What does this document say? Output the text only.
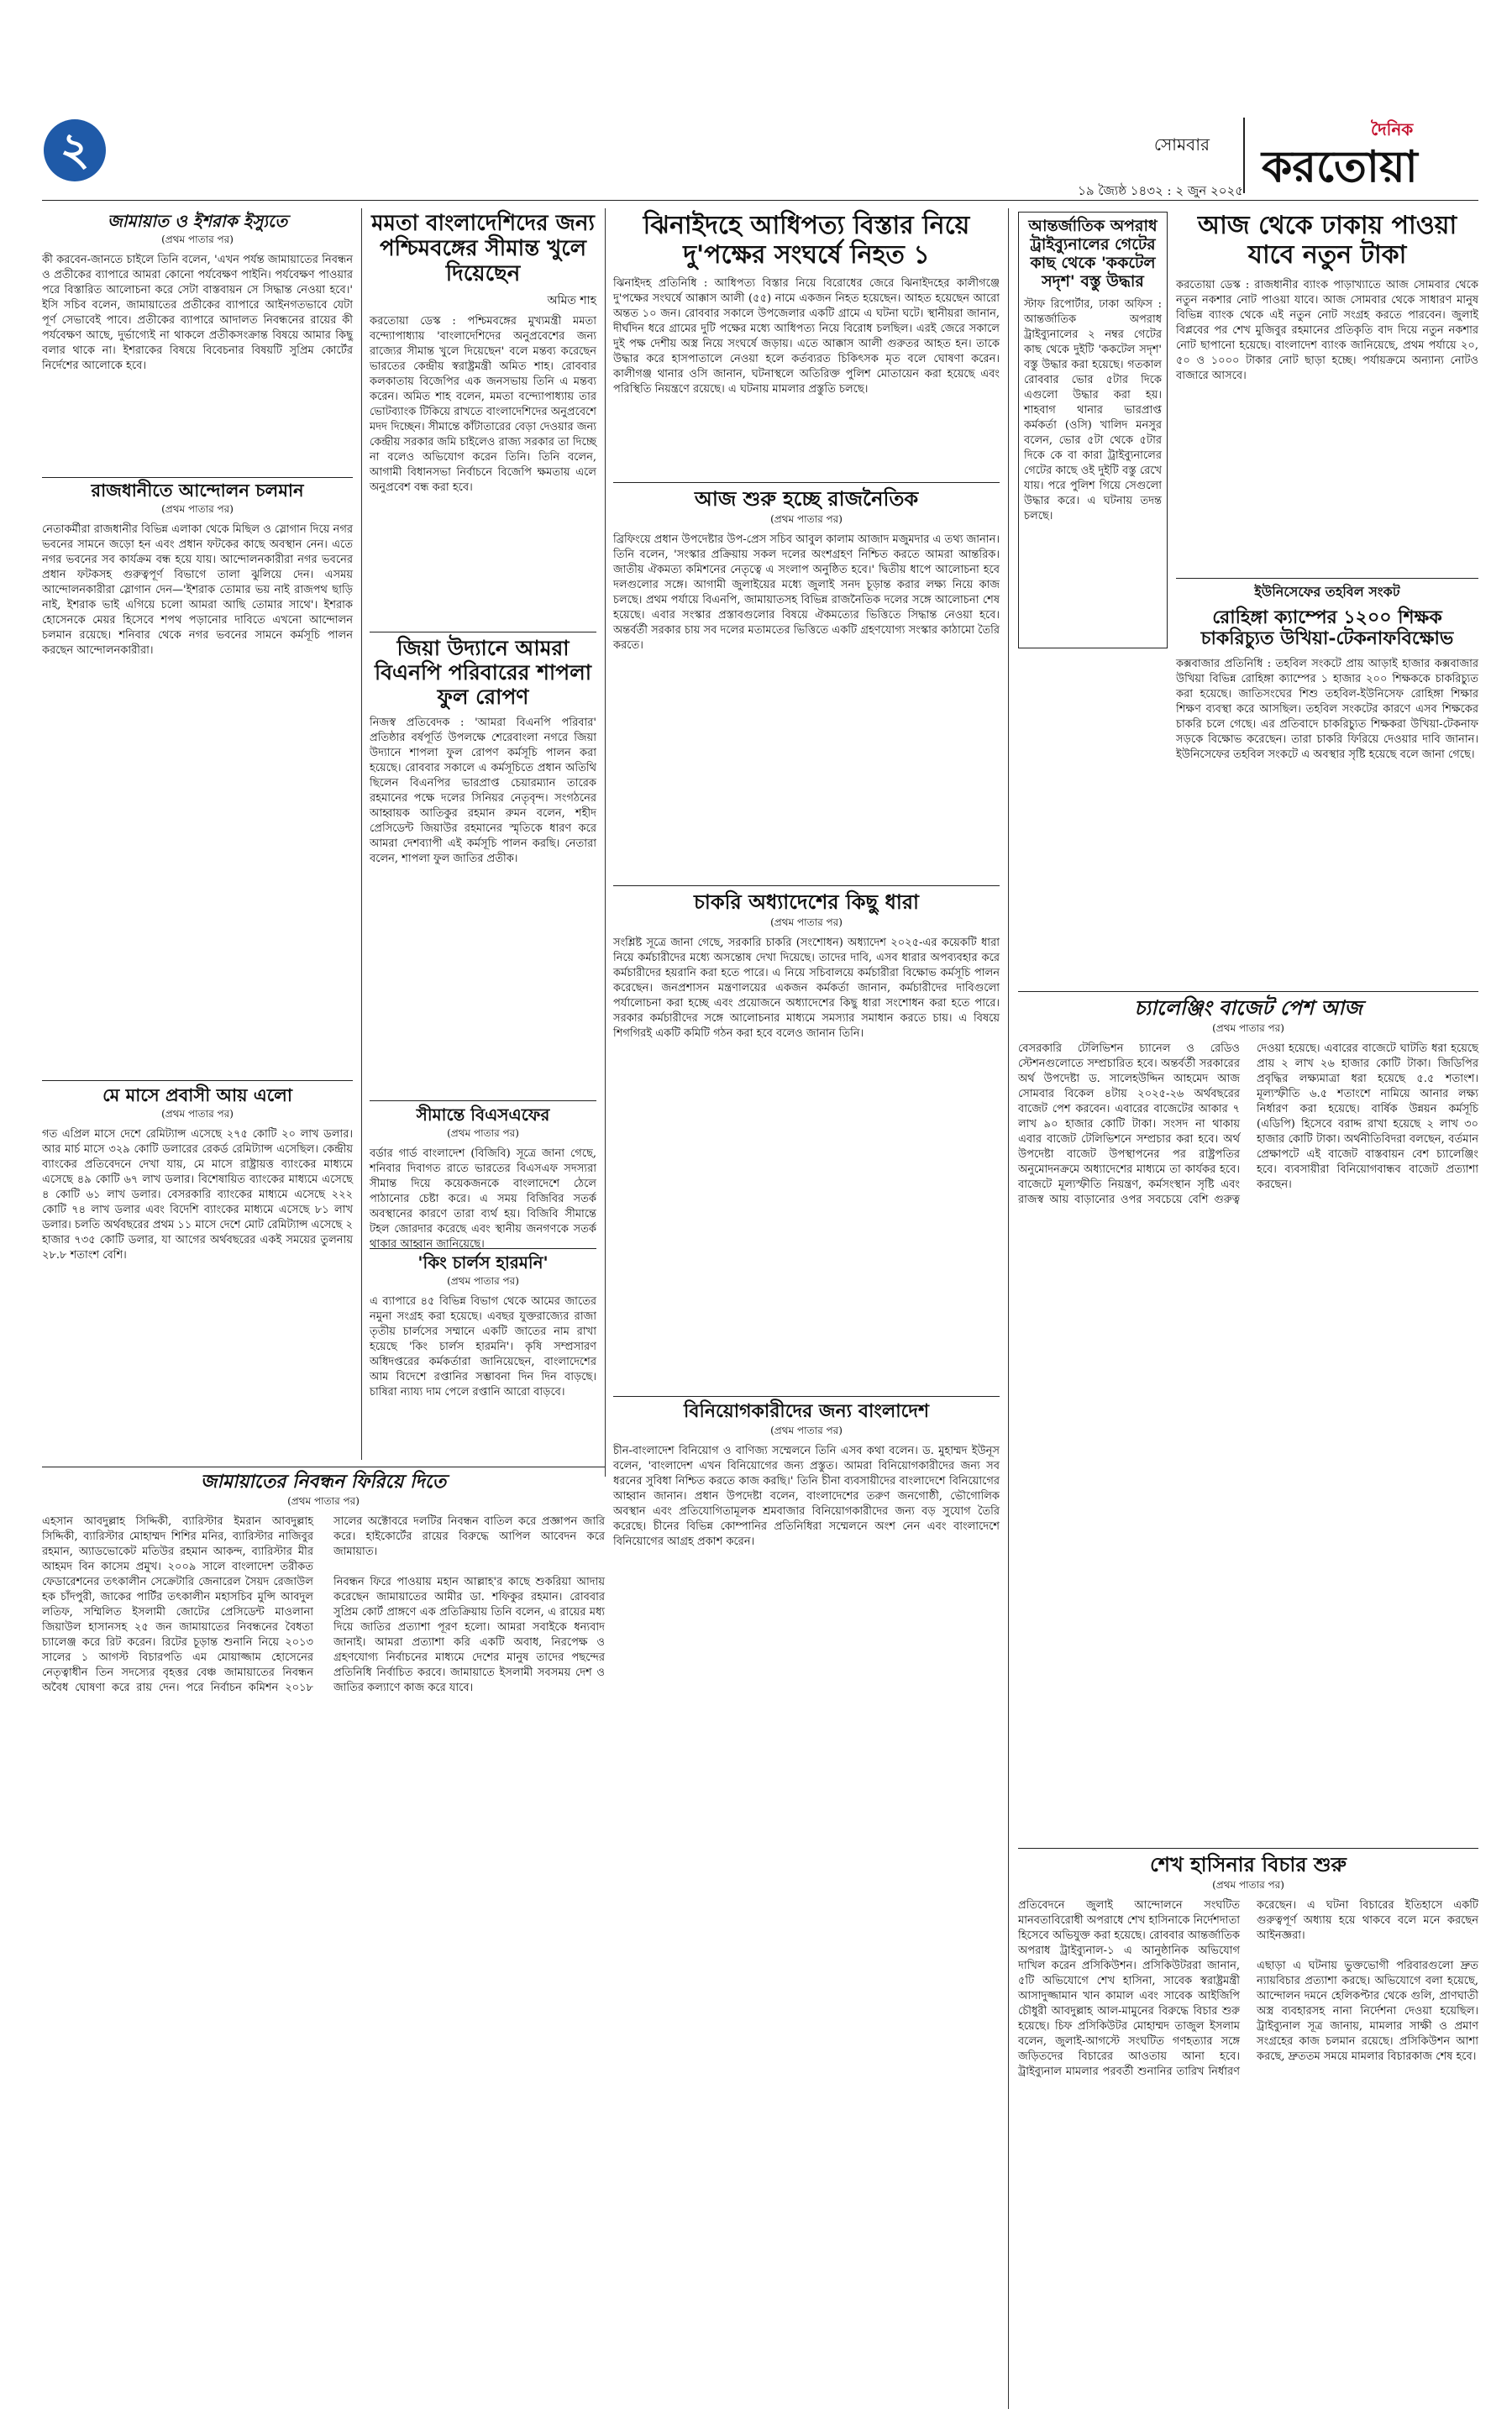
২	সোমবার
১৯ জ্যৈষ্ঠ ১৪৩২ : ২ জুন ২০২৫
দৈনিক
করতোয়া
জামায়াত ও ইশরাক ইস্যুতে
(প্রথম পাতার পর)

কী করবেন-জানতে চাইলে তিনি বলেন, 'এখন পর্যন্ত জামায়াতের নিবন্ধন ও প্রতীকের ব্যাপারে আমরা কোনো পর্যবেক্ষণ পাইনি। পর্যবেক্ষণ পাওয়ার পরে বিস্তারিত আলোচনা করে সেটা বাস্তবায়ন সে সিদ্ধান্ত নেওয়া হবে।' ইসি সচিব বলেন, জামায়াতের প্রতীকের ব্যাপারে আইনগতভাবে যেটা পূর্ণ সেভাবেই পাবে। প্রতীকের ব্যাপারে আদালত নিবন্ধনের রায়ের কী পর্যবেক্ষণ আছে, দুর্ভাগ্যেই না থাকলে প্রতীকসংক্রান্ত বিষয়ে আমার কিছু বলার থাকে না। ইশরাকের বিষয়ে বিবেচনার বিষয়টি সুপ্রিম কোর্টের নির্দেশের আলোকে হবে।

রাজধানীতে আন্দোলন চলমান
(প্রথম পাতার পর)

নেতাকর্মীরা রাজধানীর বিভিন্ন এলাকা থেকে মিছিল ও স্লোগান দিয়ে নগর ভবনের সামনে জড়ো হন এবং প্রধান ফটকের কাছে অবস্থান নেন। এতে নগর ভবনের সব কার্যক্রম বন্ধ হয়ে যায়। আন্দোলনকারীরা নগর ভবনের প্রধান ফটকসহ গুরুত্বপূর্ণ বিভাগে তালা ঝুলিয়ে দেন। এসময় আন্দোলনকারীরা স্লোগান দেন—'ইশরাক তোমার ভয় নাই রাজপথ ছাড়ি নাই, ইশরাক ভাই এগিয়ে চলো আমরা আছি তোমার সাথে'। ইশরাক হোসেনকে মেয়র হিসেবে শপথ পড়ানোর দাবিতে এখনো আন্দোলন চলমান রয়েছে। শনিবার থেকে নগর ভবনের সামনে কর্মসূচি পালন করছেন আন্দোলনকারীরা।

মে মাসে প্রবাসী আয় এলো
(প্রথম পাতার পর)

গত এপ্রিল মাসে দেশে রেমিট্যান্স এসেছে ২৭৫ কোটি ২০ লাখ ডলার। আর মার্চ মাসে ৩২৯ কোটি ডলারের রেকর্ড রেমিট্যান্স এসেছিল। কেন্দ্রীয় ব্যাংকের প্রতিবেদনে দেখা যায়, মে মাসে রাষ্ট্রায়ত্ত ব্যাংকের মাধ্যমে এসেছে ৪৯ কোটি ৬৭ লাখ ডলার। বিশেষায়িত ব্যাংকের মাধ্যমে এসেছে ৪ কোটি ৬১ লাখ ডলার। বেসরকারি ব্যাংকের মাধ্যমে এসেছে ২২২ কোটি ৭৪ লাখ ডলার এবং বিদেশি ব্যাংকের মাধ্যমে এসেছে ৮১ লাখ ডলার। চলতি অর্থবছরের প্রথম ১১ মাসে দেশে মোট রেমিট্যান্স এসেছে ২ হাজার ৭৩৫ কোটি ডলার, যা আগের অর্থবছরের একই সময়ের তুলনায় ২৮.৮ শতাংশ বেশি।

মমতা বাংলাদেশিদের জন্য পশ্চিমবঙ্গের সীমান্ত খুলে দিয়েছেন
অমিত শাহ

করতোয়া ডেস্ক : পশ্চিমবঙ্গের মুখ্যমন্ত্রী মমতা বন্দ্যোপাধ্যায় 'বাংলাদেশিদের অনুপ্রবেশের জন্য রাজ্যের সীমান্ত খুলে দিয়েছেন' বলে মন্তব্য করেছেন ভারতের কেন্দ্রীয় স্বরাষ্ট্রমন্ত্রী অমিত শাহ। রোববার কলকাতায় বিজেপির এক জনসভায় তিনি এ মন্তব্য করেন। অমিত শাহ বলেন, মমতা বন্দ্যোপাধ্যায় তার ভোটব্যাংক টিকিয়ে রাখতে বাংলাদেশিদের অনুপ্রবেশে মদদ দিচ্ছেন। সীমান্তে কাঁটাতারের বেড়া দেওয়ার জন্য কেন্দ্রীয় সরকার জমি চাইলেও রাজ্য সরকার তা দিচ্ছে না বলেও অভিযোগ করেন তিনি। তিনি বলেন, আগামী বিধানসভা নির্বাচনে বিজেপি ক্ষমতায় এলে অনুপ্রবেশ বন্ধ করা হবে।

জিয়া উদ্যানে আমরা বিএনপি পরিবারের শাপলা ফুল রোপণ

নিজস্ব প্রতিবেদক : 'আমরা বিএনপি পরিবার' প্রতিষ্ঠার বর্ষপূর্তি উপলক্ষে শেরেবাংলা নগরে জিয়া উদ্যানে শাপলা ফুল রোপণ কর্মসূচি পালন করা হয়েছে। রোববার সকালে এ কর্মসূচিতে প্রধান অতিথি ছিলেন বিএনপির ভারপ্রাপ্ত চেয়ারম্যান তারেক রহমানের পক্ষে দলের সিনিয়র নেতৃবৃন্দ। সংগঠনের আহ্বায়ক আতিকুর রহমান রুমন বলেন, শহীদ প্রেসিডেন্ট জিয়াউর রহমানের স্মৃতিকে ধারণ করে আমরা দেশব্যাপী এই কর্মসূচি পালন করছি। নেতারা বলেন, শাপলা ফুল জাতির প্রতীক।

সীমান্তে বিএসএফের
(প্রথম পাতার পর)

বর্ডার গার্ড বাংলাদেশ (বিজিবি) সূত্রে জানা গেছে, শনিবার দিবাগত রাতে ভারতের বিএসএফ সদস্যরা সীমান্ত দিয়ে কয়েকজনকে বাংলাদেশে ঠেলে পাঠানোর চেষ্টা করে। এ সময় বিজিবির সতর্ক অবস্থানের কারণে তারা ব্যর্থ হয়। বিজিবি সীমান্তে টহল জোরদার করেছে এবং স্থানীয় জনগণকে সতর্ক থাকার আহ্বান জানিয়েছে।

'কিং চার্লস হারমনি'
(প্রথম পাতার পর)

এ ব্যাপারে ৪৫ বিভিন্ন বিভাগ থেকে আমের জাতের নমুনা সংগ্রহ করা হয়েছে। এবছর যুক্তরাজ্যের রাজা তৃতীয় চার্লসের সম্মানে একটি জাতের নাম রাখা হয়েছে 'কিং চার্লস হারমনি'। কৃষি সম্প্রসারণ অধিদপ্তরের কর্মকর্তারা জানিয়েছেন, বাংলাদেশের আম বিদেশে রপ্তানির সম্ভাবনা দিন দিন বাড়ছে। চাষিরা ন্যায্য দাম পেলে রপ্তানি আরো বাড়বে।

ঝিনাইদহে আধিপত্য বিস্তার নিয়ে দু'পক্ষের সংঘর্ষে নিহত ১

ঝিনাইদহ প্রতিনিধি : আধিপত্য বিস্তার নিয়ে বিরোধের জেরে ঝিনাইদহের কালীগঞ্জে দু'পক্ষের সংঘর্ষে আক্কাস আলী (৫৫) নামে একজন নিহত হয়েছেন। আহত হয়েছেন আরো অন্তত ১০ জন। রোববার সকালে উপজেলার একটি গ্রামে এ ঘটনা ঘটে। স্থানীয়রা জানান, দীর্ঘদিন ধরে গ্রামের দুটি পক্ষের মধ্যে আধিপত্য নিয়ে বিরোধ চলছিল। এরই জেরে সকালে দুই পক্ষ দেশীয় অস্ত্র নিয়ে সংঘর্ষে জড়ায়। এতে আক্কাস আলী গুরুতর আহত হন। তাকে উদ্ধার করে হাসপাতালে নেওয়া হলে কর্তব্যরত চিকিৎসক মৃত বলে ঘোষণা করেন। কালীগঞ্জ থানার ওসি জানান, ঘটনাস্থলে অতিরিক্ত পুলিশ মোতায়েন করা হয়েছে এবং পরিস্থিতি নিয়ন্ত্রণে রয়েছে। এ ঘটনায় মামলার প্রস্তুতি চলছে।

আজ শুরু হচ্ছে রাজনৈতিক
(প্রথম পাতার পর)

ব্রিফিংয়ে প্রধান উপদেষ্টার উপ-প্রেস সচিব আবুল কালাম আজাদ মজুমদার এ তথ্য জানান। তিনি বলেন, 'সংস্কার প্রক্রিয়ায় সকল দলের অংশগ্রহণ নিশ্চিত করতে আমরা আন্তরিক। জাতীয় ঐকমত্য কমিশনের নেতৃত্বে এ সংলাপ অনুষ্ঠিত হবে।' দ্বিতীয় ধাপে আলোচনা হবে দলগুলোর সঙ্গে। আগামী জুলাইয়ের মধ্যে জুলাই সনদ চূড়ান্ত করার লক্ষ্য নিয়ে কাজ চলছে। প্রথম পর্যায়ে বিএনপি, জামায়াতসহ বিভিন্ন রাজনৈতিক দলের সঙ্গে আলোচনা শেষ হয়েছে। এবার সংস্কার প্রস্তাবগুলোর বিষয়ে ঐকমত্যের ভিত্তিতে সিদ্ধান্ত নেওয়া হবে। অন্তর্বর্তী সরকার চায় সব দলের মতামতের ভিত্তিতে একটি গ্রহণযোগ্য সংস্কার কাঠামো তৈরি করতে।

চাকরি অধ্যাদেশের কিছু ধারা
(প্রথম পাতার পর)

সংশ্লিষ্ট সূত্রে জানা গেছে, সরকারি চাকরি (সংশোধন) অধ্যাদেশ ২০২৫-এর কয়েকটি ধারা নিয়ে কর্মচারীদের মধ্যে অসন্তোষ দেখা দিয়েছে। তাদের দাবি, এসব ধারার অপব্যবহার করে কর্মচারীদের হয়রানি করা হতে পারে। এ নিয়ে সচিবালয়ে কর্মচারীরা বিক্ষোভ কর্মসূচি পালন করেছেন। জনপ্রশাসন মন্ত্রণালয়ের একজন কর্মকর্তা জানান, কর্মচারীদের দাবিগুলো পর্যালোচনা করা হচ্ছে এবং প্রয়োজনে অধ্যাদেশের কিছু ধারা সংশোধন করা হতে পারে। সরকার কর্মচারীদের সঙ্গে আলোচনার মাধ্যমে সমস্যার সমাধান করতে চায়। এ বিষয়ে শিগগিরই একটি কমিটি গঠন করা হবে বলেও জানান তিনি।

বিনিয়োগকারীদের জন্য বাংলাদেশ
(প্রথম পাতার পর)

চীন-বাংলাদেশ বিনিয়োগ ও বাণিজ্য সম্মেলনে তিনি এসব কথা বলেন। ড. মুহাম্মদ ইউনূস বলেন, 'বাংলাদেশ এখন বিনিয়োগের জন্য প্রস্তুত। আমরা বিনিয়োগকারীদের জন্য সব ধরনের সুবিধা নিশ্চিত করতে কাজ করছি।' তিনি চীনা ব্যবসায়ীদের বাংলাদেশে বিনিয়োগের আহ্বান জানান। প্রধান উপদেষ্টা বলেন, বাংলাদেশের তরুণ জনগোষ্ঠী, ভৌগোলিক অবস্থান এবং প্রতিযোগিতামূলক শ্রমবাজার বিনিয়োগকারীদের জন্য বড় সুযোগ তৈরি করেছে। চীনের বিভিন্ন কোম্পানির প্রতিনিধিরা সম্মেলনে অংশ নেন এবং বাংলাদেশে বিনিয়োগের আগ্রহ প্রকাশ করেন।

জামায়াতের নিবন্ধন ফিরিয়ে দিতে
(প্রথম পাতার পর)

এহসান আবদুল্লাহ সিদ্দিকী, ব্যারিস্টার ইমরান আবদুল্লাহ সিদ্দিকী, ব্যারিস্টার মোহাম্মদ শিশির মনির, ব্যারিস্টার নাজিবুর রহমান, অ্যাডভোকেট মতিউর রহমান আকন্দ, ব্যারিস্টার মীর আহমদ বিন কাসেম প্রমুখ। ২০০৯ সালে বাংলাদেশ তরীকত ফেডারেশনের তৎকালীন সেক্রেটারি জেনারেল সৈয়দ রেজাউল হক চাঁদপুরী, জাকের পার্টির তৎকালীন মহাসচিব মুন্সি আবদুল লতিফ, সম্মিলিত ইসলামী জোটের প্রেসিডেন্ট মাওলানা জিয়াউল হাসানসহ ২৫ জন জামায়াতের নিবন্ধনের বৈধতা চ্যালেঞ্জ করে রিট করেন। রিটের চূড়ান্ত শুনানি নিয়ে ২০১৩ সালের ১ আগস্ট বিচারপতি এম মোয়াজ্জাম হোসেনের নেতৃত্বাধীন তিন সদস্যের বৃহত্তর বেঞ্চ জামায়াতের নিবন্ধন অবৈধ ঘোষণা করে রায় দেন। পরে নির্বাচন কমিশন ২০১৮ সালের অক্টোবরে দলটির নিবন্ধন বাতিল করে প্রজ্ঞাপন জারি করে। হাইকোর্টের রায়ের বিরুদ্ধে আপিল আবেদন করে জামায়াত।

নিবন্ধন ফিরে পাওয়ায় মহান আল্লাহ'র কাছে শুকরিয়া আদায় করেছেন জামায়াতের আমীর ডা. শফিকুর রহমান। রোববার সুপ্রিম কোর্ট প্রাঙ্গণে এক প্রতিক্রিয়ায় তিনি বলেন, এ রায়ের মধ্য দিয়ে জাতির প্রত্যাশা পূরণ হলো। আমরা সবাইকে ধন্যবাদ জানাই। আমরা প্রত্যাশা করি একটি অবাধ, নিরপেক্ষ ও গ্রহণযোগ্য নির্বাচনের মাধ্যমে দেশের মানুষ তাদের পছন্দের প্রতিনিধি নির্বাচিত করবে। জামায়াতে ইসলামী সবসময় দেশ ও জাতির কল্যাণে কাজ করে যাবে।

আন্তর্জাতিক অপরাধ ট্রাইব্যুনালের গেটের কাছ থেকে 'ককটেল সদৃশ' বস্তু উদ্ধার

স্টাফ রিপোর্টার, ঢাকা অফিস : আন্তর্জাতিক অপরাধ ট্রাইব্যুনালের ২ নম্বর গেটের কাছ থেকে দুইটি 'ককটেল সদৃশ' বস্তু উদ্ধার করা হয়েছে। গতকাল রোববার ভোর ৫টার দিকে এগুলো উদ্ধার করা হয়। শাহবাগ থানার ভারপ্রাপ্ত কর্মকর্তা (ওসি) খালিদ মনসুর বলেন, ভোর ৫টা থেকে ৫টার দিকে কে বা কারা ট্রাইব্যুনালের গেটের কাছে ওই দুইটি বস্তু রেখে যায়। পরে পুলিশ গিয়ে সেগুলো উদ্ধার করে। এ ঘটনায় তদন্ত চলছে।

আজ থেকে ঢাকায় পাওয়া যাবে নতুন টাকা

করতোয়া ডেস্ক : রাজধানীর ব্যাংক পাড়াখ্যাতে আজ সোমবার থেকে নতুন নকশার নোট পাওয়া যাবে। আজ সোমবার থেকে সাধারণ মানুষ বিভিন্ন ব্যাংক থেকে এই নতুন নোট সংগ্রহ করতে পারবেন। জুলাই বিপ্লবের পর শেখ মুজিবুর রহমানের প্রতিকৃতি বাদ দিয়ে নতুন নকশার নোট ছাপানো হয়েছে। বাংলাদেশ ব্যাংক জানিয়েছে, প্রথম পর্যায়ে ২০, ৫০ ও ১০০০ টাকার নোট ছাড়া হচ্ছে। পর্যায়ক্রমে অন্যান্য নোটও বাজারে আসবে।

ইউনিসেফের তহবিল সংকট
রোহিঙ্গা ক্যাম্পের ১২০০ শিক্ষক চাকরিচ্যুত উখিয়া-টেকনাফবিক্ষোভ

কক্সবাজার প্রতিনিধি : তহবিল সংকটে প্রায় আড়াই হাজার কক্সবাজার উখিয়া বিভিন্ন রোহিঙ্গা ক্যাম্পের ১ হাজার ২০০ শিক্ষককে চাকরিচ্যুত করা হয়েছে। জাতিসংঘের শিশু তহবিল-ইউনিসেফ রোহিঙ্গা শিক্ষার শিক্ষণ ব্যবস্থা করে আসছিল। তহবিল সংকটের কারণে এসব শিক্ষকের চাকরি চলে গেছে। এর প্রতিবাদে চাকরিচ্যুত শিক্ষকরা উখিয়া-টেকনাফ সড়কে বিক্ষোভ করেছেন। তারা চাকরি ফিরিয়ে দেওয়ার দাবি জানান। ইউনিসেফের তহবিল সংকটে এ অবস্থার সৃষ্টি হয়েছে বলে জানা গেছে।

চ্যালেঞ্জিং বাজেট পেশ আজ
(প্রথম পাতার পর)

বেসরকারি টেলিভিশন চ্যানেল ও রেডিও স্টেশনগুলোতে সম্প্রচারিত হবে। অন্তর্বর্তী সরকারের অর্থ উপদেষ্টা ড. সালেহউদ্দিন আহমেদ আজ সোমবার বিকেল ৪টায় ২০২৫-২৬ অর্থবছরের বাজেট পেশ করবেন। এবারের বাজেটের আকার ৭ লাখ ৯০ হাজার কোটি টাকা। সংসদ না থাকায় এবার বাজেট টেলিভিশনে সম্প্রচার করা হবে। অর্থ উপদেষ্টা বাজেট উপস্থাপনের পর রাষ্ট্রপতির অনুমোদনক্রমে অধ্যাদেশের মাধ্যমে তা কার্যকর হবে। বাজেটে মূল্যস্ফীতি নিয়ন্ত্রণ, কর্মসংস্থান সৃষ্টি এবং রাজস্ব আয় বাড়ানোর ওপর সবচেয়ে বেশি গুরুত্ব দেওয়া হয়েছে। এবারের বাজেটে ঘাটতি ধরা হয়েছে প্রায় ২ লাখ ২৬ হাজার কোটি টাকা। জিডিপির প্রবৃদ্ধির লক্ষ্যমাত্রা ধরা হয়েছে ৫.৫ শতাংশ। মূল্যস্ফীতি ৬.৫ শতাংশে নামিয়ে আনার লক্ষ্য নির্ধারণ করা হয়েছে। বার্ষিক উন্নয়ন কর্মসূচি (এডিপি) হিসেবে বরাদ্দ রাখা হয়েছে ২ লাখ ৩০ হাজার কোটি টাকা। অর্থনীতিবিদরা বলছেন, বর্তমান প্রেক্ষাপটে এই বাজেট বাস্তবায়ন বেশ চ্যালেঞ্জিং হবে। ব্যবসায়ীরা বিনিয়োগবান্ধব বাজেট প্রত্যাশা করছেন।

শেখ হাসিনার বিচার শুরু
(প্রথম পাতার পর)

প্রতিবেদনে জুলাই আন্দোলনে সংঘটিত মানবতাবিরোধী অপরাধে শেখ হাসিনাকে নির্দেশদাতা হিসেবে অভিযুক্ত করা হয়েছে। রোববার আন্তর্জাতিক অপরাধ ট্রাইব্যুনাল-১ এ আনুষ্ঠানিক অভিযোগ দাখিল করেন প্রসিকিউশন। প্রসিকিউটররা জানান, ৫টি অভিযোগে শেখ হাসিনা, সাবেক স্বরাষ্ট্রমন্ত্রী আসাদুজ্জামান খান কামাল এবং সাবেক আইজিপি চৌধুরী আবদুল্লাহ আল-মামুনের বিরুদ্ধে বিচার শুরু হয়েছে। চিফ প্রসিকিউটর মোহাম্মদ তাজুল ইসলাম বলেন, জুলাই-আগস্টে সংঘটিত গণহত্যার সঙ্গে জড়িতদের বিচারের আওতায় আনা হবে। ট্রাইব্যুনাল মামলার পরবর্তী শুনানির তারিখ নির্ধারণ করেছেন। এ ঘটনা বিচারের ইতিহাসে একটি গুরুত্বপূর্ণ অধ্যায় হয়ে থাকবে বলে মনে করছেন আইনজ্ঞরা।

এছাড়া এ ঘটনায় ভুক্তভোগী পরিবারগুলো দ্রুত ন্যায়বিচার প্রত্যাশা করছে। অভিযোগে বলা হয়েছে, আন্দোলন দমনে হেলিকপ্টার থেকে গুলি, প্রাণঘাতী অস্ত্র ব্যবহারসহ নানা নির্দেশনা দেওয়া হয়েছিল। ট্রাইব্যুনাল সূত্র জানায়, মামলার সাক্ষী ও প্রমাণ সংগ্রহের কাজ চলমান রয়েছে। প্রসিকিউশন আশা করছে, দ্রুততম সময়ে মামলার বিচারকাজ শেষ হবে।
